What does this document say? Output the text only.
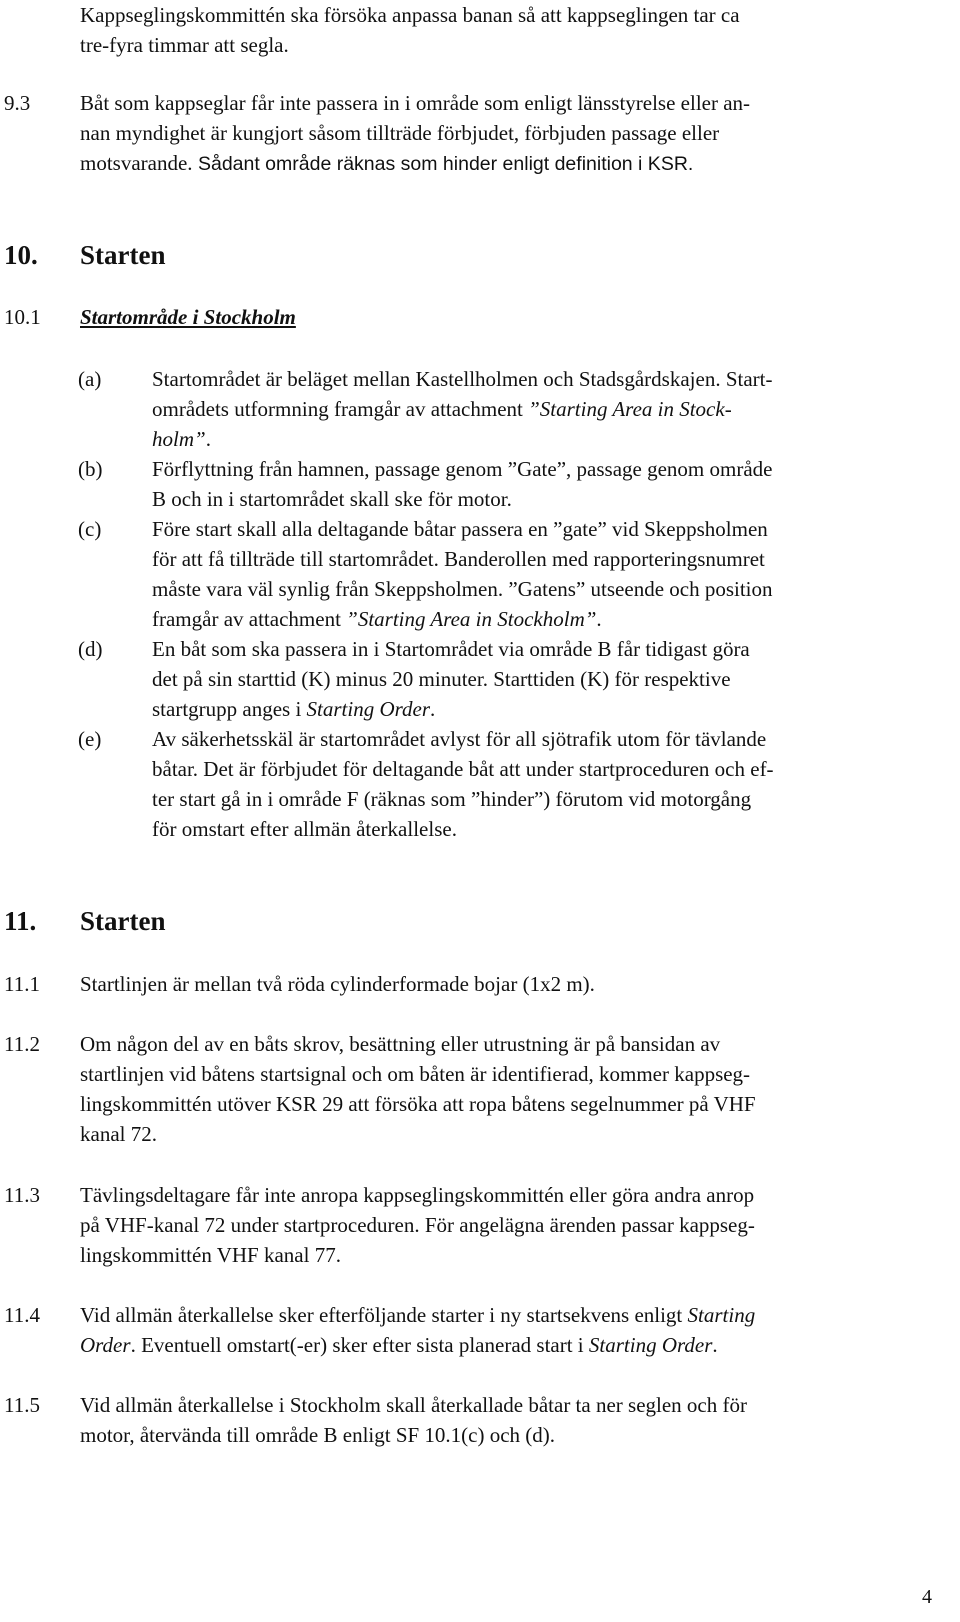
Kappseglingskommittén ska försöka anpassa banan så att kappseglingen tar ca
tre-fyra timmar att segla.
9.3 Båt som kappseglar får inte passera in i område som enligt länsstyrelse eller an-
nan myndighet är kungjort såsom tillträde förbjudet, förbjuden passage eller
motsvarande. Sådant område räknas som hinder enligt definition i KSR.
10. Starten
10.1 Startområde i Stockholm
(a) Startområdet är beläget mellan Kastellholmen och Stadsgårdskajen. Start-
områdets utformning framgår av attachment ”Starting Area in Stock-
holm”.
(b) Förflyttning från hamnen, passage genom ”Gate”, passage genom område
B och in i startområdet skall ske för motor.
(c) Före start skall alla deltagande båtar passera en ”gate” vid Skeppsholmen
för att få tillträde till startområdet. Banderollen med rapporteringsnumret
måste vara väl synlig från Skeppsholmen. ”Gatens” utseende och position
framgår av attachment ”Starting Area in Stockholm”.
(d) En båt som ska passera in i Startområdet via område B får tidigast göra
det på sin starttid (K) minus 20 minuter. Starttiden (K) för respektive
startgrupp anges i Starting Order.
(e) Av säkerhetsskäl är startområdet avlyst för all sjötrafik utom för tävlande
båtar. Det är förbjudet för deltagande båt att under startproceduren och ef-
ter start gå in i område F (räknas som ”hinder”) förutom vid motorgång
för omstart efter allmän återkallelse.
11. Starten
11.1 Startlinjen är mellan två röda cylinderformade bojar (1x2 m).
11.2 Om någon del av en båts skrov, besättning eller utrustning är på bansidan av
startlinjen vid båtens startsignal och om båten är identifierad, kommer kappseg-
lingskommittén utöver KSR 29 att försöka att ropa båtens segelnummer på VHF
kanal 72.
11.3 Tävlingsdeltagare får inte anropa kappseglingskommittén eller göra andra anrop
på VHF-kanal 72 under startproceduren. För angelägna ärenden passar kappseg-
lingskommittén VHF kanal 77.
11.4 Vid allmän återkallelse sker efterföljande starter i ny startsekvens enligt Starting
Order. Eventuell omstart(-er) sker efter sista planerad start i Starting Order.
11.5 Vid allmän återkallelse i Stockholm skall återkallade båtar ta ner seglen och för
motor, återvända till område B enligt SF 10.1(c) och (d).
4
